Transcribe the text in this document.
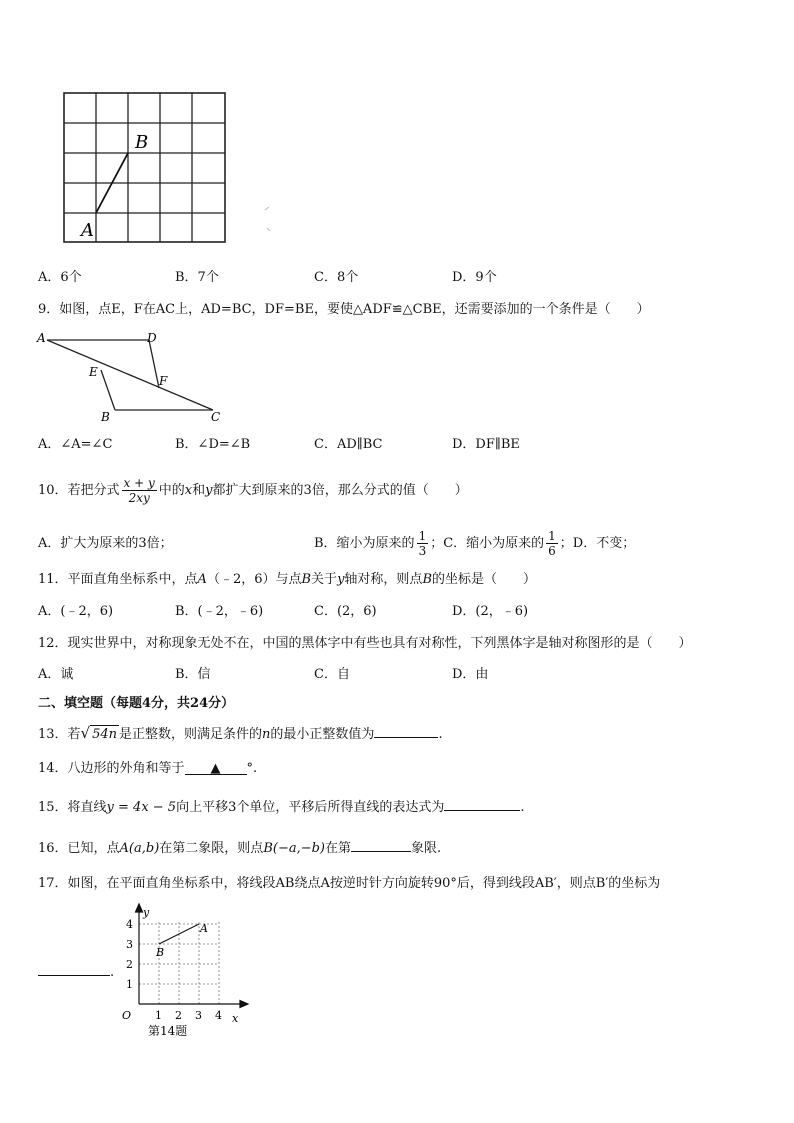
B
A
A．6个	B．7个	C．8个	D．9个
9．如图，点E，F在AC上，AD=BC，DF=BE，要使△ADF≌△CBE，还需要添加的一个条件是（　　）
A	D
E
F
B	C
A．∠A=∠C	B．∠D=∠B	C．AD∥BC	D．DF∥BE
10．若把分式 $\frac{x + y}{2xy}$ 中的x和y都扩大到原来的3倍，那么分式的值（　　）
A．扩大为原来的3倍；	B．缩小为原来的 $\frac{1}{3}$ ；C．缩小为原来的 $\frac{1}{6}$ ；D．不变；
11．平面直角坐标系中，点A（﹣2，6）与点B关于y轴对称，则点B的坐标是（　　）
A．(﹣2，6)	B．(﹣2，﹣6)	C．(2，6)	D．(2，﹣6)
12．现实世界中，对称现象无处不在，中国的黑体字中有些也具有对称性，下列黑体字是轴对称图形的是（　　）
A．诚	B．信	C．自	D．由
二、填空题（每题4分，共24分）
13．若√ 54n 是正整数，则满足条件的n的最小正整数值为	.
14．八边形的外角和等于 ▲ °.
15．将直线y = 4x − 5向上平移3个单位，平移后所得直线的表达式为	.
16．已知，点A(a,b)在第二象限，则点B(−a,−b)在第	象限.
17．如图，在平面直角坐标系中，将线段AB绕点A按逆时针方向旋转90°后，得到线段AB′，则点B′的坐标为
.
y
x
O 1 2 3 4
1
2
3
4	A
B
第14题
